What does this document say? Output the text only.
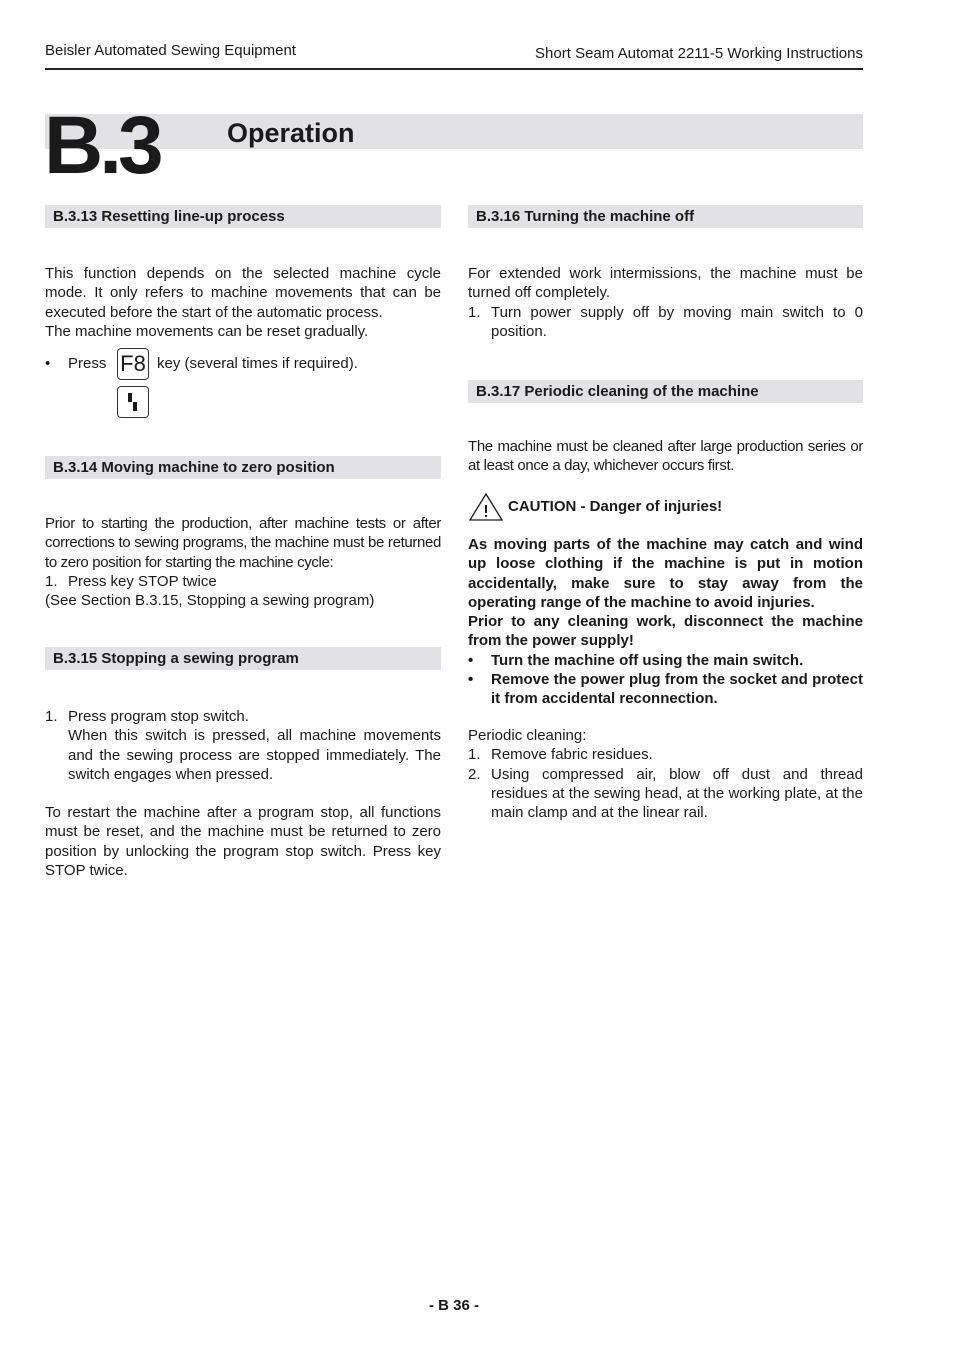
Beisler Automated Sewing Equipment	Short Seam Automat 2211-5 Working Instructions
B.3 Operation
B.3.13 Resetting line-up process

This function depends on the selected machine cycle mode. It only refers to machine movements that can be executed before the start of the automatic process.

The machine movements can be reset gradually.

•	Press F8 key (several times if required).
B.3.14 Moving machine to zero position

Prior to starting the production, after machine tests or after corrections to sewing programs, the machine must be returned to zero position for starting the machine cycle:

1. Press key STOP twice

(See Section B.3.15, Stopping a sewing program)

B.3.15 Stopping a sewing program
1. Press program stop switch.
When this switch is pressed, all machine movements and the sewing process are stopped immediately. The switch engages when pressed.

To restart the machine after a program stop, all functions must be reset, and the machine must be returned to zero position by unlocking the program stop switch. Press key STOP twice.

B.3.16 Turning the machine off

For extended work intermissions, the machine must be turned off completely.

1. Turn power supply off by moving main switch to 0 position.
B.3.17 Periodic cleaning of the machine

The machine must be cleaned after large production series or at least once a day, whichever occurs first.

CAUTION - Danger of injuries!

As moving parts of the machine may catch and wind up loose clothing if the machine is put in motion accidentally, make sure to stay away from the operating range of the machine to avoid injuries.

Prior to any cleaning work, disconnect the machine from the power supply!

•	Turn the machine off using the main switch.
•	Remove the power plug from the socket and protect it from accidental reconnection.

Periodic cleaning:

1. Remove fabric residues.
2. Using compressed air, blow off dust and thread residues at the sewing head, at the working plate, at the main clamp and at the linear rail.
- B 36 -
